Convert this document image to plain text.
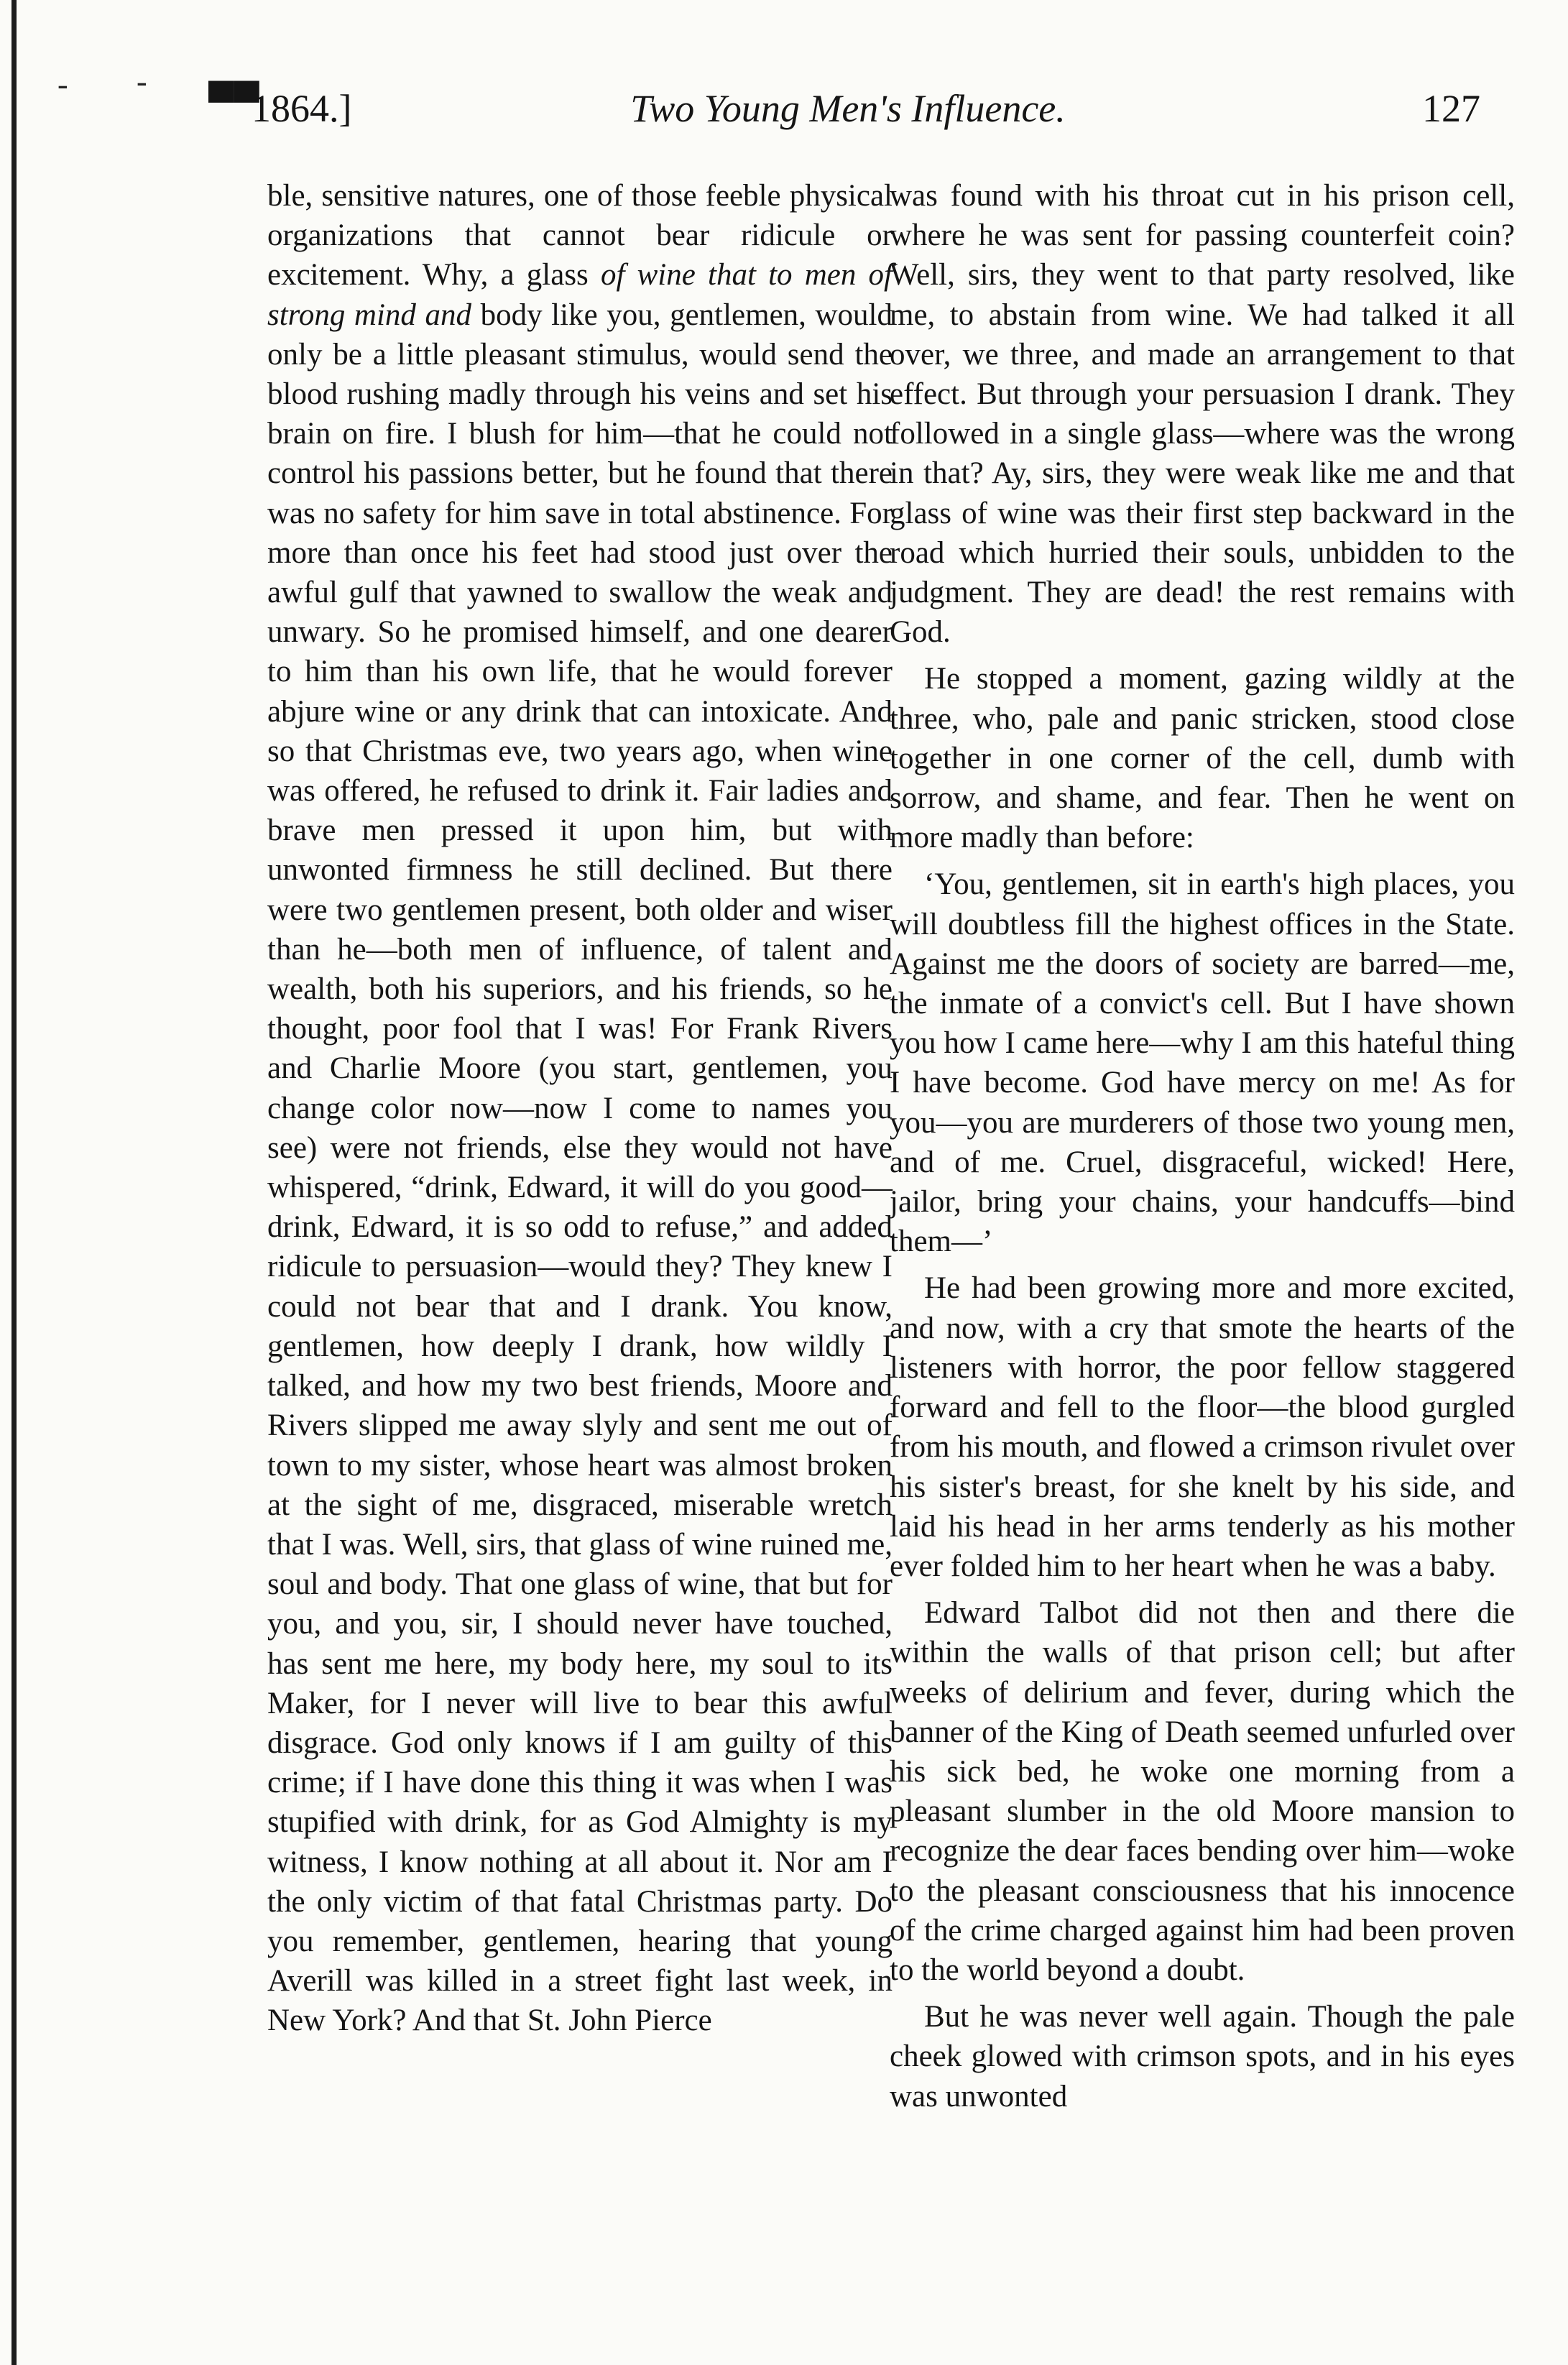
- - ▀▀
1864.]	Two Young Men's Influence.	127

ble, sensitive natures, one of those feeble physical organizations that cannot bear ridicule or excitement. Why, a glass of wine that to men of strong mind and body like you, gentlemen, would only be a little pleasant stimulus, would send the blood rushing madly through his veins and set his brain on fire. I blush for him—that he could not control his passions better, but he found that there was no safety for him save in total abstinence. For more than once his feet had stood just over the awful gulf that yawned to swallow the weak and unwary. So he promised himself, and one dearer to him than his own life, that he would forever abjure wine or any drink that can intoxicate. And so that Christmas eve, two years ago, when wine was offered, he refused to drink it. Fair ladies and brave men pressed it upon him, but with unwonted firmness he still declined. But there were two gentlemen present, both older and wiser than he—both men of influence, of talent and wealth, both his superiors, and his friends, so he thought, poor fool that I was! For Frank Rivers and Charlie Moore (you start, gentlemen, you change color now—now I come to names you see) were not friends, else they would not have whispered, “drink, Edward, it will do you good—drink, Edward, it is so odd to refuse,” and added ridicule to persuasion—would they? They knew I could not bear that and I drank. You know, gentlemen, how deeply I drank, how wildly I talked, and how my two best friends, Moore and Rivers slipped me away slyly and sent me out of town to my sister, whose heart was almost broken at the sight of me, disgraced, miserable wretch that I was. Well, sirs, that glass of wine ruined me, soul and body. That one glass of wine, that but for you, and you, sir, I should never have touched, has sent me here, my body here, my soul to its Maker, for I never will live to bear this awful disgrace. God only knows if I am guilty of this crime; if I have done this thing it was when I was stupified with drink, for as God Almighty is my witness, I know nothing at all about it. Nor am I the only victim of that fatal Christmas party. Do you remember, gentlemen, hearing that young Averill was killed in a street fight last week, in New York? And that St. John Pierce

was found with his throat cut in his prison cell, where he was sent for passing counterfeit coin? Well, sirs, they went to that party resolved, like me, to abstain from wine. We had talked it all over, we three, and made an arrangement to that effect. But through your persuasion I drank. They followed in a single glass—where was the wrong in that? Ay, sirs, they were weak like me and that glass of wine was their first step backward in the road which hurried their souls, unbidden to the judgment. They are dead! the rest remains with God.

He stopped a moment, gazing wildly at the three, who, pale and panic stricken, stood close together in one corner of the cell, dumb with sorrow, and shame, and fear. Then he went on more madly than before:

‘You, gentlemen, sit in earth's high places, you will doubtless fill the highest offices in the State. Against me the doors of society are barred—me, the inmate of a convict's cell. But I have shown you how I came here—why I am this hateful thing I have become. God have mercy on me! As for you—you are murderers of those two young men, and of me. Cruel, disgraceful, wicked! Here, jailor, bring your chains, your handcuffs—bind them—’

He had been growing more and more excited, and now, with a cry that smote the hearts of the listeners with horror, the poor fellow staggered forward and fell to the floor—the blood gurgled from his mouth, and flowed a crimson rivulet over his sister's breast, for she knelt by his side, and laid his head in her arms tenderly as his mother ever folded him to her heart when he was a baby.

Edward Talbot did not then and there die within the walls of that prison cell; but after weeks of delirium and fever, during which the banner of the King of Death seemed unfurled over his sick bed, he woke one morning from a pleasant slumber in the old Moore mansion to recognize the dear faces bending over him—woke to the pleasant consciousness that his innocence of the crime charged against him had been proven to the world beyond a doubt.

But he was never well again. Though the pale cheek glowed with crimson spots, and in his eyes was unwonted
